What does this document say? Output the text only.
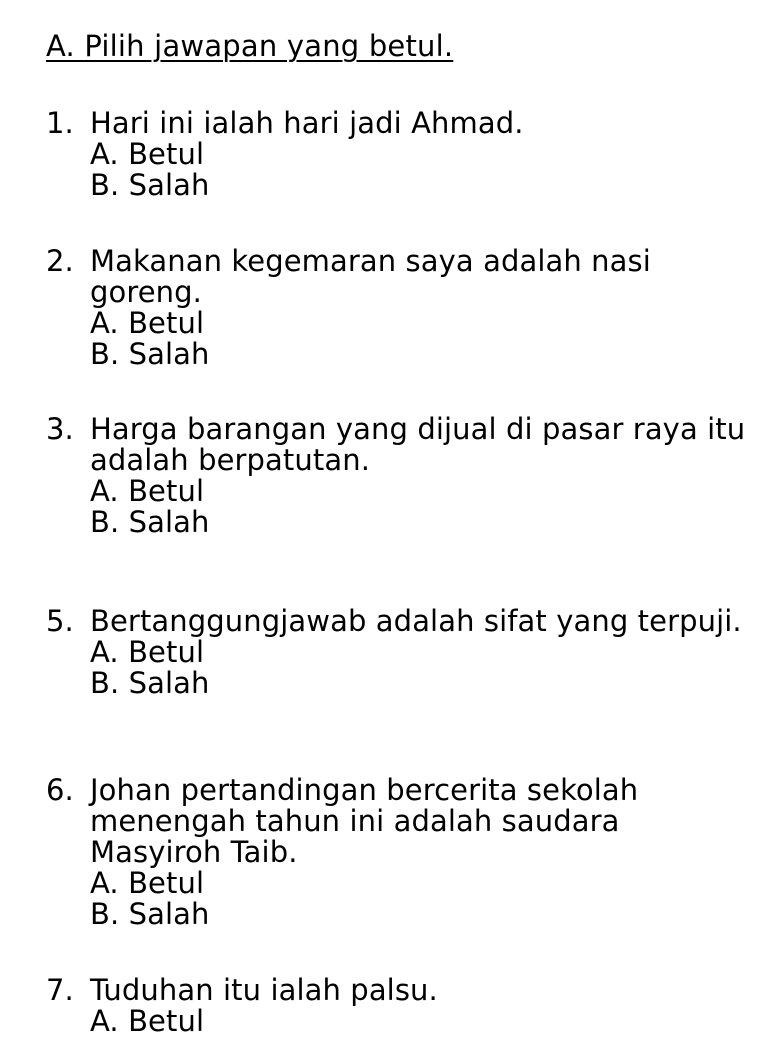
A. Pilih jawapan yang betul.
1. Hari ini ialah hari jadi Ahmad.
A. Betul
B. Salah
2. Makanan kegemaran saya adalah nasi goreng.
A. Betul
B. Salah
3. Harga barangan yang dijual di pasar raya itu adalah berpatutan.
A. Betul
B. Salah
5. Bertanggungjawab adalah sifat yang terpuji.
A. Betul
B. Salah
6. Johan pertandingan bercerita sekolah menengah tahun ini adalah saudara Masyiroh Taib.
A. Betul
B. Salah
7. Tuduhan itu ialah palsu.
A. Betul
